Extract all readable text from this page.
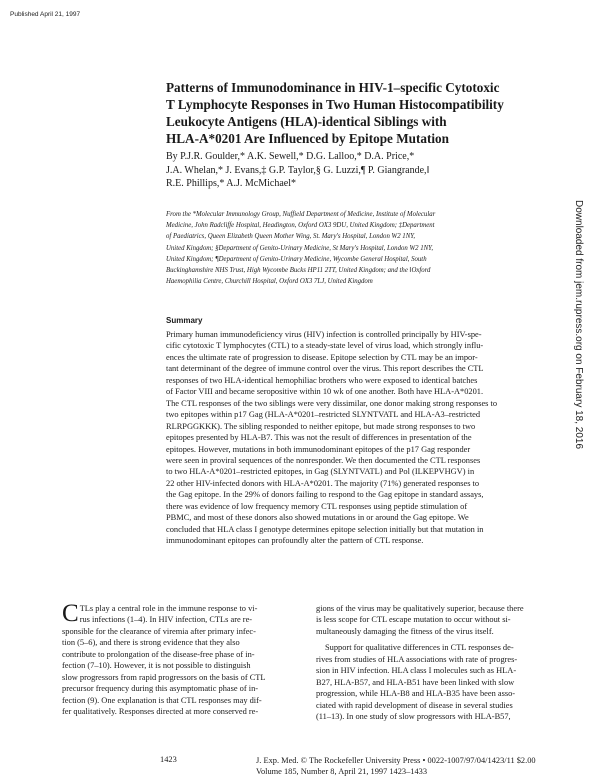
Published April 21, 1997
Patterns of Immunodominance in HIV-1–specific Cytotoxic
T Lymphocyte Responses in Two Human Histocompatibility
Leukocyte Antigens (HLA)-identical Siblings with
HLA-A*0201 Are Influenced by Epitope Mutation
By P.J.R. Goulder,* A.K. Sewell,* D.G. Lalloo,* D.A. Price,*
J.A. Whelan,* J. Evans,‡ G.P. Taylor,§ G. Luzzi,¶ P. Giangrande,‖
R.E. Phillips,* A.J. McMichael*
From the *Molecular Immunology Group, Nuffield Department of Medicine, Institute of Molecular
Medicine, John Radcliffe Hospital, Headington, Oxford OX3 9DU, United Kingdom; ‡Department
of Paediatrics, Queen Elizabeth Queen Mother Wing, St. Mary's Hospital, London W2 1NY,
United Kingdom; §Department of Genito-Urinary Medicine, St Mary's Hospital, London W2 1NY,
United Kingdom; ¶Department of Genito-Urinary Medicine, Wycombe General Hospital, South
Buckinghamshire NHS Trust, High Wycombe Bucks HP11 2TT, United Kingdom; and the ‖Oxford
Haemophilia Centre, Churchill Hospital, Oxford OX3 7LJ, United Kingdom
Summary
Primary human immunodeficiency virus (HIV) infection is controlled principally by HIV-spe-
cific cytotoxic T lymphocytes (CTL) to a steady-state level of virus load, which strongly influ-
ences the ultimate rate of progression to disease. Epitope selection by CTL may be an impor-
tant determinant of the degree of immune control over the virus. This report describes the CTL
responses of two HLA-identical hemophiliac brothers who were exposed to identical batches
of Factor VIII and became seropositive within 10 wk of one another. Both have HLA-A*0201.
The CTL responses of the two siblings were very dissimilar, one donor making strong responses to
two epitopes within p17 Gag (HLA-A*0201–restricted SLYNTVATL and HLA-A3–restricted
RLRPGGKKK). The sibling responded to neither epitope, but made strong responses to two
epitopes presented by HLA-B7. This was not the result of differences in presentation of the
epitopes. However, mutations in both immunodominant epitopes of the p17 Gag responder
were seen in proviral sequences of the nonresponder. We then documented the CTL responses
to two HLA-A*0201–restricted epitopes, in Gag (SLYNTVATL) and Pol (ILKEPVHGV) in
22 other HIV-infected donors with HLA-A*0201. The majority (71%) generated responses to
the Gag epitope. In the 29% of donors failing to respond to the Gag epitope in standard assays,
there was evidence of low frequency memory CTL responses using peptide stimulation of
PBMC, and most of these donors also showed mutations in or around the Gag epitope. We
concluded that HLA class I genotype determines epitope selection initially but that mutation in
immunodominant epitopes can profoundly alter the pattern of CTL response.
C TLs play a central role in the immune response to vi-
rus infections (1–4). In HIV infection, CTLs are re-
sponsible for the clearance of viremia after primary infec-
tion (5–6), and there is strong evidence that they also
contribute to prolongation of the disease-free phase of in-
fection (7–10). However, it is not possible to distinguish
slow progressors from rapid progressors on the basis of CTL
precursor frequency during this asymptomatic phase of in-
fection (9). One explanation is that CTL responses may dif-
fer qualitatively. Responses directed at more conserved re-
gions of the virus may be qualitatively superior, because there
is less scope for CTL escape mutation to occur without si-
multaneously damaging the fitness of the virus itself.
Support for qualitative differences in CTL responses de-
rives from studies of HLA associations with rate of progres-
sion in HIV infection. HLA class I molecules such as HLA-
B27, HLA-B57, and HLA-B51 have been linked with slow
progression, while HLA-B8 and HLA-B35 have been asso-
ciated with rapid development of disease in several studies
(11–13). In one study of slow progressors with HLA-B57,
1423	J. Exp. Med. © The Rockefeller University Press • 0022-1007/97/04/1423/11 $2.00
Volume 185, Number 8, April 21, 1997 1423–1433
Downloaded from jem.rupress.org on February 18, 2016
